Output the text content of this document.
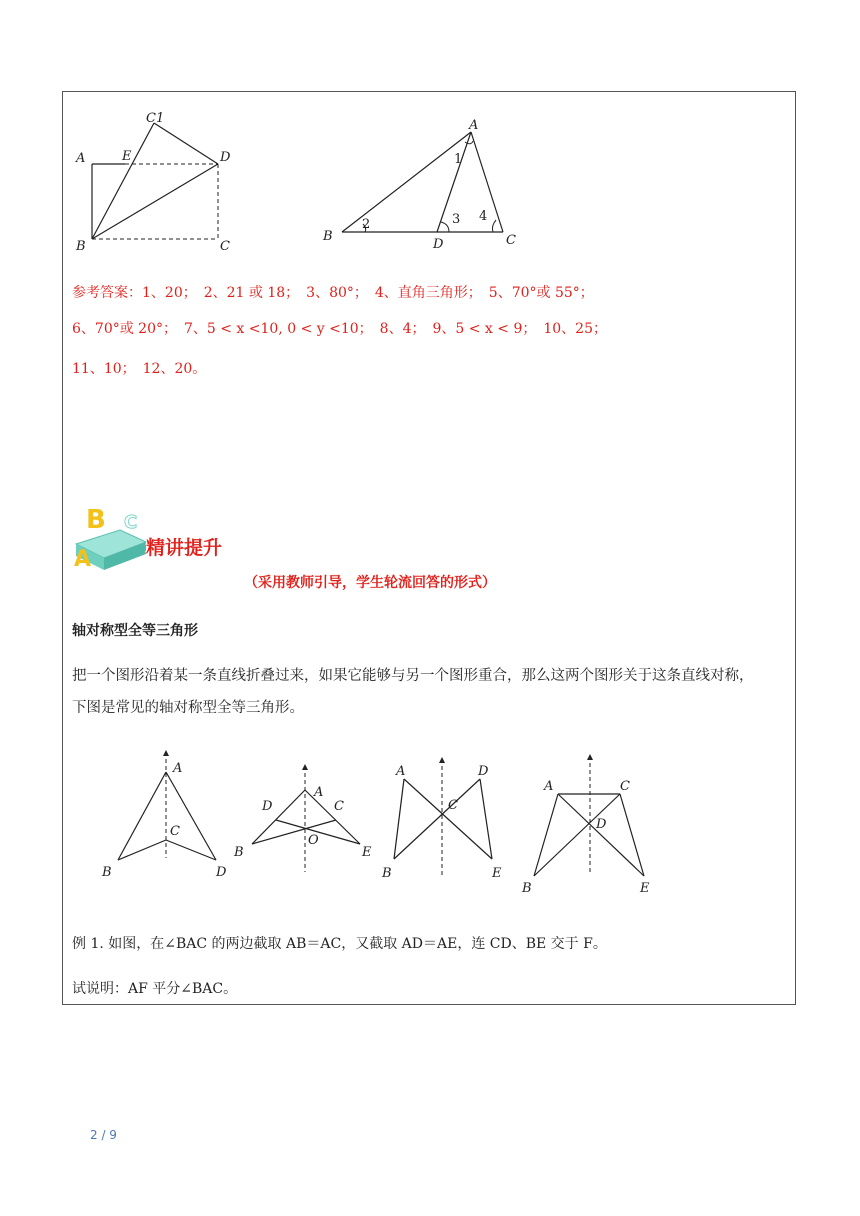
C1
A	E	D
B	C
A
1
2	3 4
B
D	C
参考答案：1、20；　2、21 或 18；　3、80°；　4、直角三角形；　5、70°或 55°；
6、70°或 20°；　7、5 < x <10, 0 < y <10；　8、4；　9、5 < x < 9；　10、25；
11、10；　12、20。
B
A
C
精讲提升
（采用教师引导，学生轮流回答的形式）
轴对称型全等三角形
把一个图形沿着某一条直线折叠过来，如果它能够与另一个图形重合，那么这两个图形关于这条直线对称，
下图是常见的轴对称型全等三角形。
A
C
B	D
A
D	C
O
B	E
A	D
C
B	E
A	C
D
B	E
例 1. 如图，在∠BAC 的两边截取 AB＝AC，又截取 AD＝AE，连 CD、BE 交于 F。
试说明：AF 平分∠BAC。
2 / 9
